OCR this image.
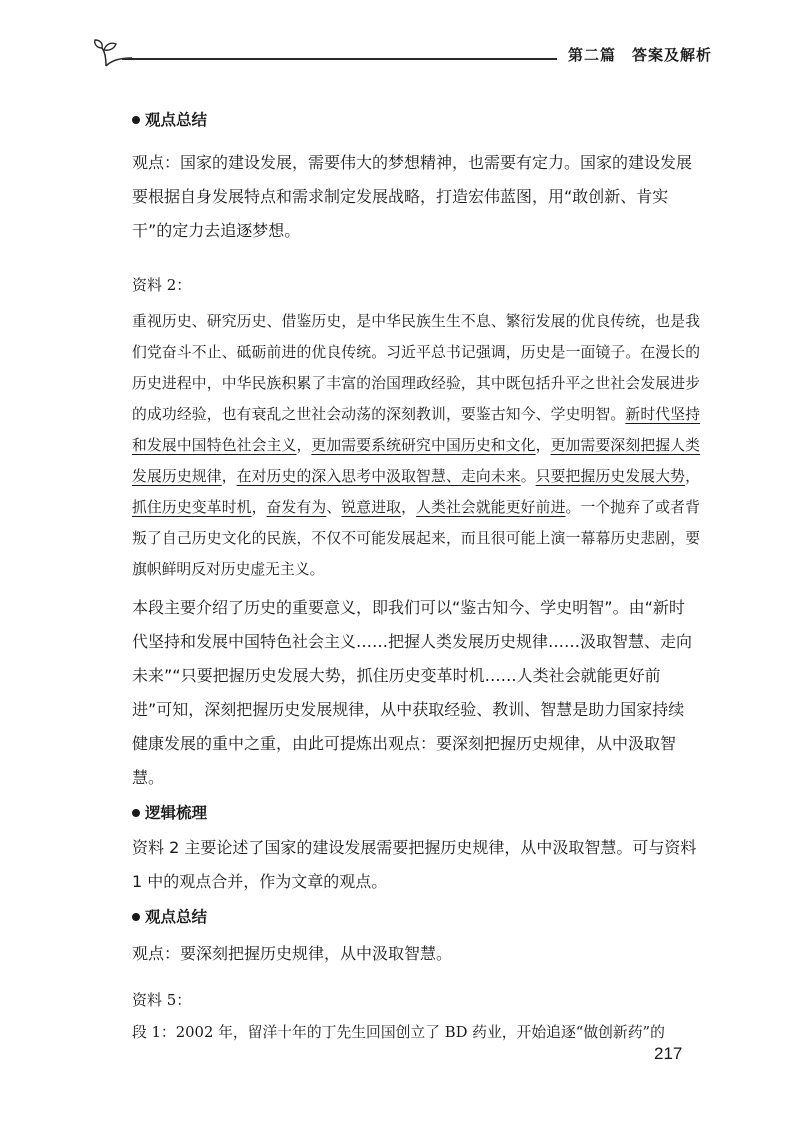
第二篇　答案及解析

观点总结

观点：国家的建设发展，需要伟大的梦想精神，也需要有定力。国家的建设发展要根据自身发展特点和需求制定发展战略，打造宏伟蓝图，用“敢创新、肯实干”的定力去追逐梦想。

资料 2：

重视历史、研究历史、借鉴历史，是中华民族生生不息、繁衍发展的优良传统，也是我们党奋斗不止、砥砺前进的优良传统。习近平总书记强调，历史是一面镜子。在漫长的历史进程中，中华民族积累了丰富的治国理政经验，其中既包括升平之世社会发展进步的成功经验，也有衰乱之世社会动荡的深刻教训，要鉴古知今、学史明智。新时代坚持和发展中国特色社会主义，更加需要系统研究中国历史和文化，更加需要深刻把握人类发展历史规律，在对历史的深入思考中汲取智慧、走向未来。只要把握历史发展大势，抓住历史变革时机，奋发有为、锐意进取，人类社会就能更好前进。一个抛弃了或者背叛了自己历史文化的民族，不仅不可能发展起来，而且很可能上演一幕幕历史悲剧，要旗帜鲜明反对历史虚无主义。

本段主要介绍了历史的重要意义，即我们可以“鉴古知今、学史明智”。由“新时代坚持和发展中国特色社会主义……把握人类发展历史规律……汲取智慧、走向未来”“只要把握历史发展大势，抓住历史变革时机……人类社会就能更好前进”可知，深刻把握历史发展规律，从中获取经验、教训、智慧是助力国家持续健康发展的重中之重，由此可提炼出观点：要深刻把握历史规律，从中汲取智慧。

逻辑梳理

资料 2 主要论述了国家的建设发展需要把握历史规律，从中汲取智慧。可与资料 1 中的观点合并，作为文章的观点。

观点总结

观点：要深刻把握历史规律，从中汲取智慧。

资料 5：

段 1：2002 年，留洋十年的丁先生回国创立了 BD 药业，开始追逐“做创新药”的

217
